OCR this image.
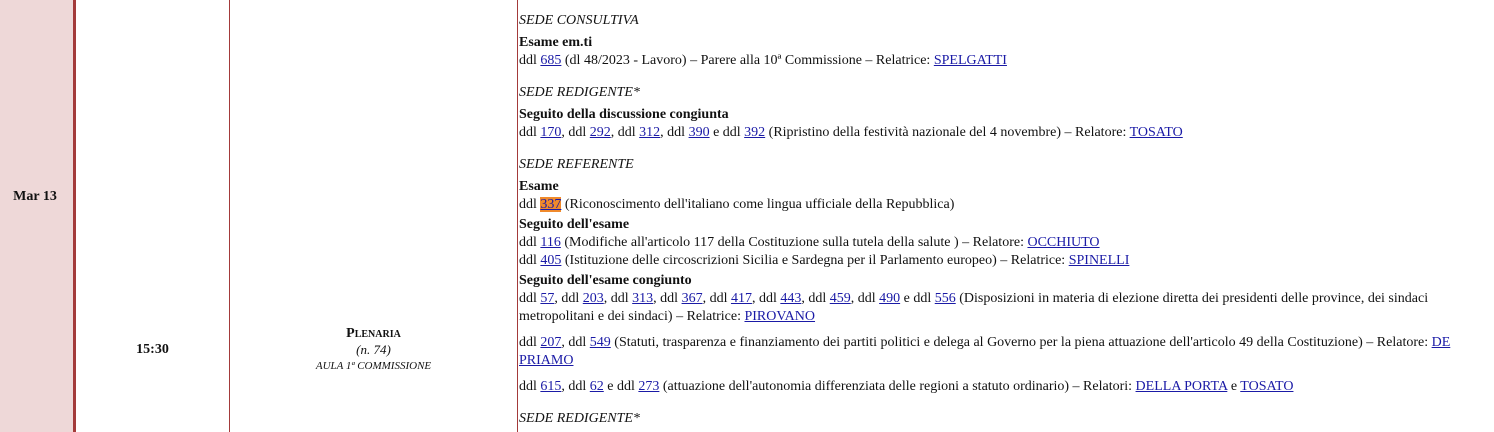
Mar 13
15:30
Plenaria
(n. 74)
AULA 1ª COMMISSIONE
SEDE CONSULTIVA
Esame em.ti
ddl 685 (dl 48/2023 - Lavoro) – Parere alla 10ª Commissione – Relatrice: SPELGATTI
SEDE REDIGENTE*
Seguito della discussione congiunta
ddl 170, ddl 292, ddl 312, ddl 390 e ddl 392 (Ripristino della festività nazionale del 4 novembre) – Relatore: TOSATO
SEDE REFERENTE
Esame
ddl 337 (Riconoscimento dell'italiano come lingua ufficiale della Repubblica)
Seguito dell'esame
ddl 116 (Modifiche all'articolo 117 della Costituzione sulla tutela della salute ) – Relatore: OCCHIUTO
ddl 405 (Istituzione delle circoscrizioni Sicilia e Sardegna per il Parlamento europeo) – Relatrice: SPINELLI
Seguito dell'esame congiunto
ddl 57, ddl 203, ddl 313, ddl 367, ddl 417, ddl 443, ddl 459, ddl 490 e ddl 556 (Disposizioni in materia di elezione diretta dei presidenti delle province, dei sindaci metropolitani e dei sindaci) – Relatrice: PIROVANO
ddl 207, ddl 549 (Statuti, trasparenza e finanziamento dei partiti politici e delega al Governo per la piena attuazione dell'articolo 49 della Costituzione) – Relatore: DE PRIAMO
ddl 615, ddl 62 e ddl 273 (attuazione dell'autonomia differenziata delle regioni a statuto ordinario) – Relatori: DELLA PORTA e TOSATO
SEDE REDIGENTE*
